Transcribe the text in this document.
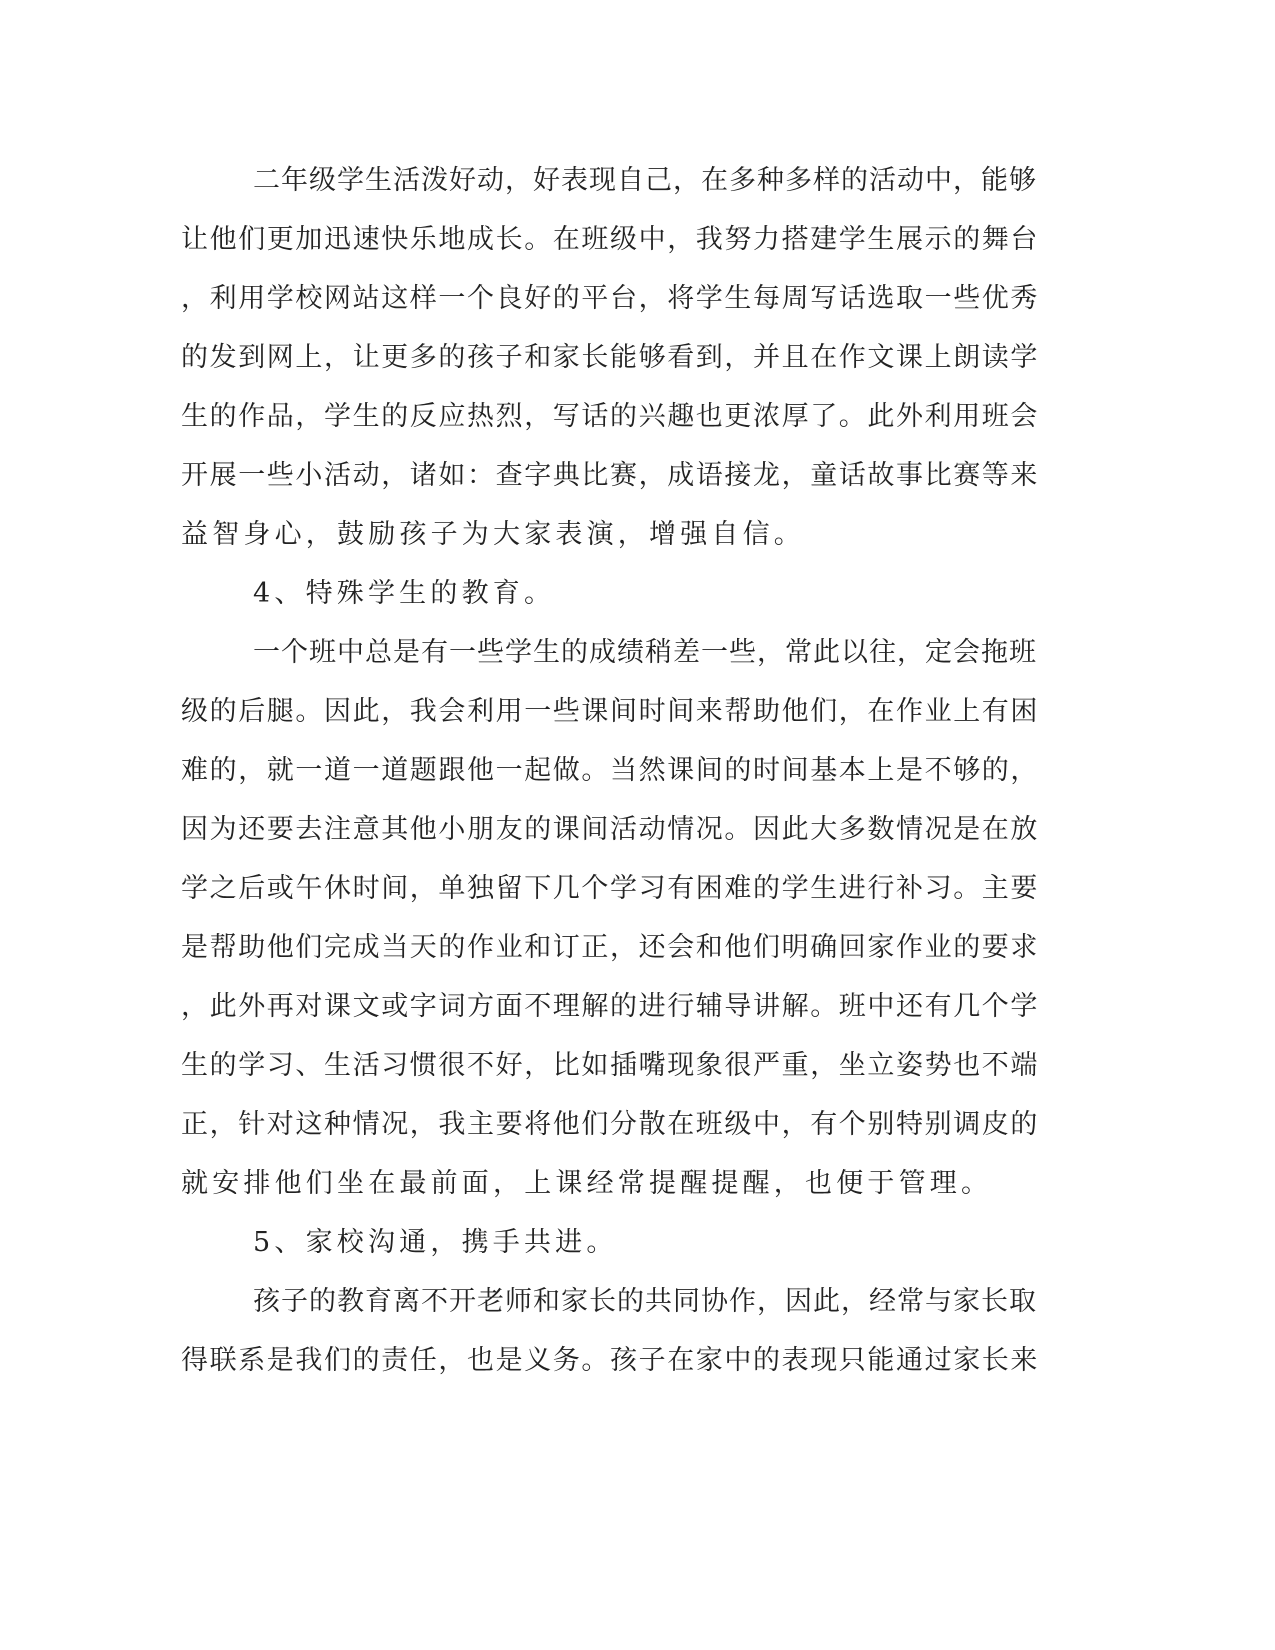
二年级学生活泼好动，好表现自己，在多种多样的活动中，能够
让他们更加迅速快乐地成长。在班级中，我努力搭建学生展示的舞台
，利用学校网站这样一个良好的平台，将学生每周写话选取一些优秀
的发到网上，让更多的孩子和家长能够看到，并且在作文课上朗读学
生的作品，学生的反应热烈，写话的兴趣也更浓厚了。此外利用班会
开展一些小活动，诸如：查字典比赛，成语接龙，童话故事比赛等来
益智身心，鼓励孩子为大家表演，增强自信。
4、特殊学生的教育。
一个班中总是有一些学生的成绩稍差一些，常此以往，定会拖班
级的后腿。因此，我会利用一些课间时间来帮助他们，在作业上有困
难的，就一道一道题跟他一起做。当然课间的时间基本上是不够的，
因为还要去注意其他小朋友的课间活动情况。因此大多数情况是在放
学之后或午休时间，单独留下几个学习有困难的学生进行补习。主要
是帮助他们完成当天的作业和订正，还会和他们明确回家作业的要求
，此外再对课文或字词方面不理解的进行辅导讲解。班中还有几个学
生的学习、生活习惯很不好，比如插嘴现象很严重，坐立姿势也不端
正，针对这种情况，我主要将他们分散在班级中，有个别特别调皮的
就安排他们坐在最前面，上课经常提醒提醒，也便于管理。
5、家校沟通，携手共进。
孩子的教育离不开老师和家长的共同协作，因此，经常与家长取
得联系是我们的责任，也是义务。孩子在家中的表现只能通过家长来
